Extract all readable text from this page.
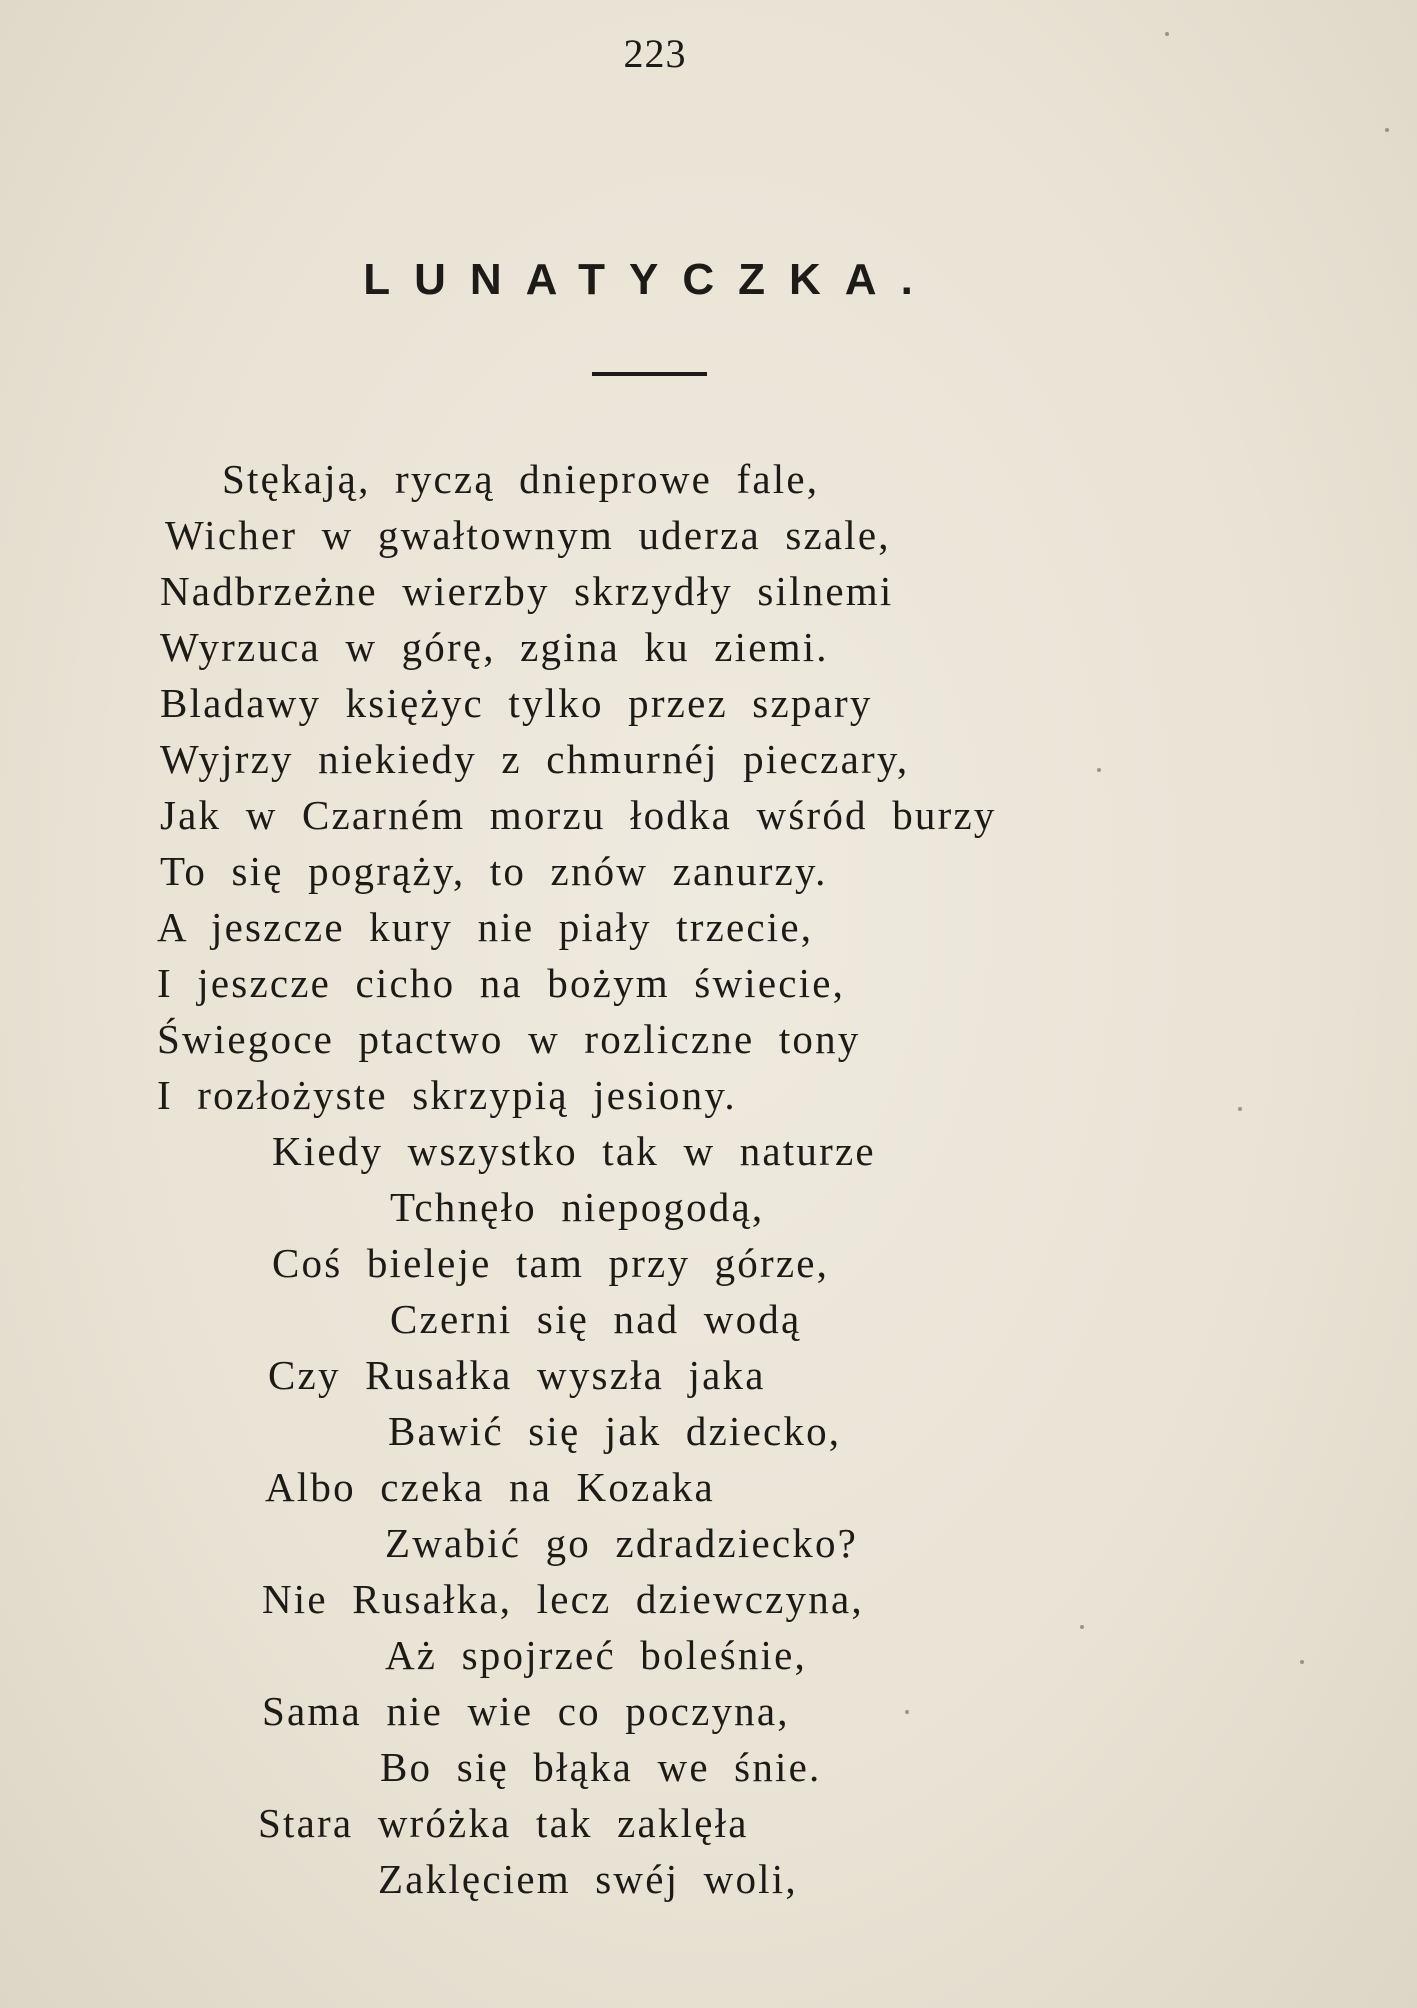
223
LUNATYCZKA.
Stękają, ryczą dnieprowe fale,
Wicher w gwałtownym uderza szale,
Nadbrzeżne wierzby skrzydły silnemi
Wyrzuca w górę, zgina ku ziemi.
Bladawy księżyc tylko przez szpary
Wyjrzy niekiedy z chmurnéj pieczary,
Jak w Czarném morzu łodka wśród burzy
To się pogrąży, to znów zanurzy.
A jeszcze kury nie piały trzecie,
I jeszcze cicho na bożym świecie,
Świegoce ptactwo w rozliczne tony
I rozłożyste skrzypią jesiony.
Kiedy wszystko tak w naturze
Tchnęło niepogodą,
Coś bieleje tam przy górze,
Czerni się nad wodą
Czy Rusałka wyszła jaka
Bawić się jak dziecko,
Albo czeka na Kozaka
Zwabić go zdradziecko?
Nie Rusałka, lecz dziewczyna,
Aż spojrzeć boleśnie,
Sama nie wie co poczyna,
Bo się błąka we śnie.
Stara wróżka tak zaklęła
Zaklęciem swéj woli,
